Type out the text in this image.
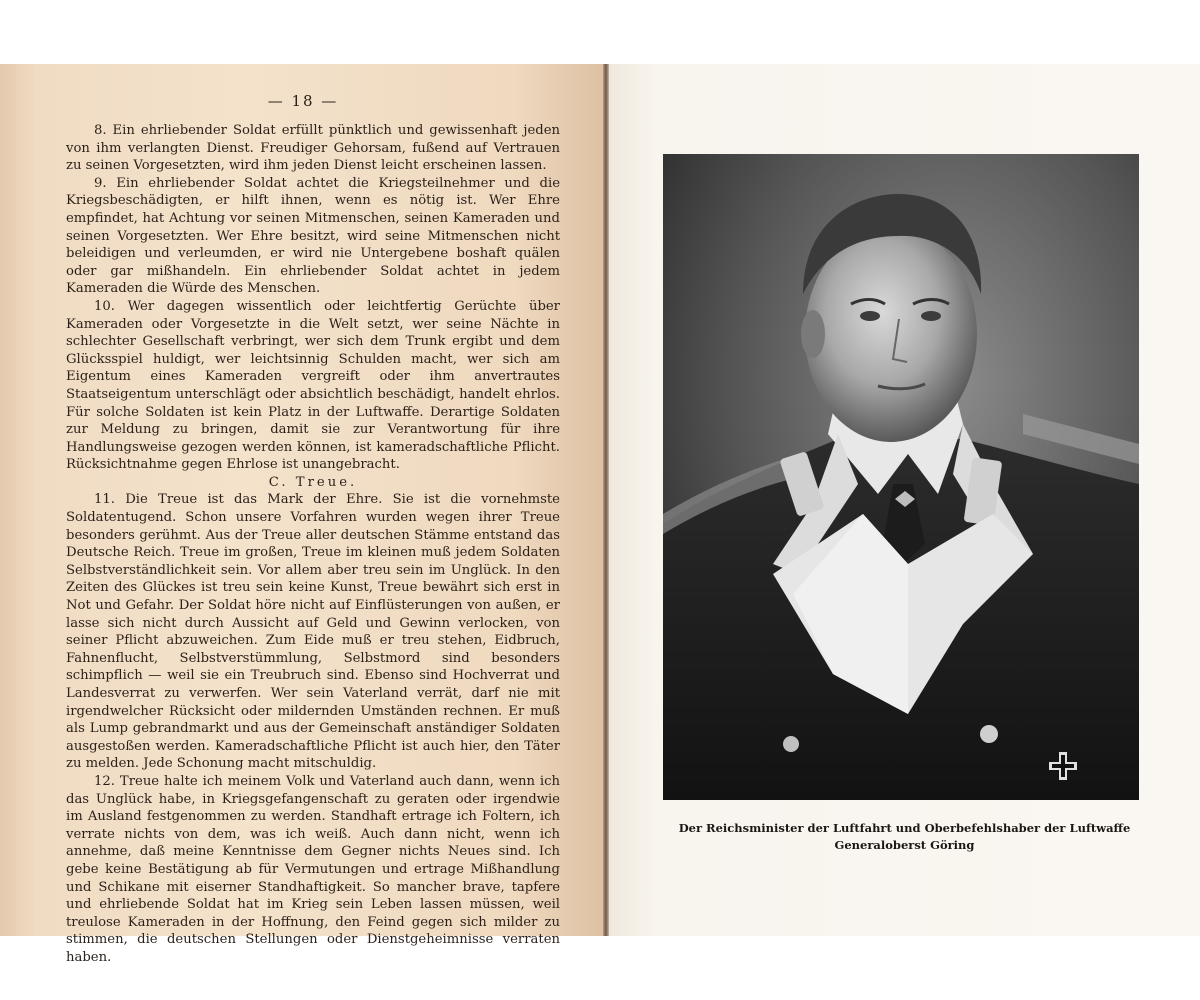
— 18 —

8. Ein ehrliebender Soldat erfüllt pünktlich und gewissenhaft jeden von ihm verlangten Dienst. Freudiger Gehorsam, fußend auf Vertrauen zu seinen Vorgesetzten, wird ihm jeden Dienst leicht erscheinen lassen.

9. Ein ehrliebender Soldat achtet die Kriegsteilnehmer und die Kriegsbeschädigten, er hilft ihnen, wenn es nötig ist. Wer Ehre empfindet, hat Achtung vor seinen Mitmenschen, seinen Kameraden und seinen Vorgesetzten. Wer Ehre besitzt, wird seine Mitmenschen nicht beleidigen und verleumden, er wird nie Untergebene boshaft quälen oder gar mißhandeln. Ein ehrliebender Soldat achtet in jedem Kameraden die Würde des Menschen.

10. Wer dagegen wissentlich oder leichtfertig Gerüchte über Kameraden oder Vorgesetzte in die Welt setzt, wer seine Nächte in schlechter Gesellschaft verbringt, wer sich dem Trunk ergibt und dem Glücksspiel huldigt, wer leichtsinnig Schulden macht, wer sich am Eigentum eines Kameraden vergreift oder ihm anvertrautes Staatseigentum unterschlägt oder absichtlich beschädigt, handelt ehrlos. Für solche Soldaten ist kein Platz in der Luftwaffe. Derartige Soldaten zur Meldung zu bringen, damit sie zur Verantwortung für ihre Handlungsweise gezogen werden können, ist kameradschaftliche Pflicht. Rücksichtnahme gegen Ehrlose ist unangebracht.

C. Treue.

11. Die Treue ist das Mark der Ehre. Sie ist die vornehmste Soldatentugend. Schon unsere Vorfahren wurden wegen ihrer Treue besonders gerühmt. Aus der Treue aller deutschen Stämme entstand das Deutsche Reich. Treue im großen, Treue im kleinen muß jedem Soldaten Selbstverständlichkeit sein. Vor allem aber treu sein im Unglück. In den Zeiten des Glückes ist treu sein keine Kunst, Treue bewährt sich erst in Not und Gefahr. Der Soldat höre nicht auf Einflüsterungen von außen, er lasse sich nicht durch Aussicht auf Geld und Gewinn verlocken, von seiner Pflicht abzuweichen. Zum Eide muß er treu stehen, Eidbruch, Fahnenflucht, Selbstverstümmlung, Selbstmord sind besonders schimpflich — weil sie ein Treubruch sind. Ebenso sind Hochverrat und Landesverrat zu verwerfen. Wer sein Vaterland verrät, darf nie mit irgendwelcher Rücksicht oder mildernden Umständen rechnen. Er muß als Lump gebrandmarkt und aus der Gemeinschaft anständiger Soldaten ausgestoßen werden. Kameradschaftliche Pflicht ist auch hier, den Täter zu melden. Jede Schonung macht mitschuldig.

12. Treue halte ich meinem Volk und Vaterland auch dann, wenn ich das Unglück habe, in Kriegsgefangenschaft zu geraten oder irgendwie im Ausland festgenommen zu werden. Standhaft ertrage ich Foltern, ich verrate nichts von dem, was ich weiß. Auch dann nicht, wenn ich annehme, daß meine Kenntnisse dem Gegner nichts Neues sind. Ich gebe keine Bestätigung ab für Vermutungen und ertrage Mißhandlung und Schikane mit eiserner Standhaftigkeit. So mancher brave, tapfere und ehrliebende Soldat hat im Krieg sein Leben lassen müssen, weil treulose Kameraden in der Hoffnung, den Feind gegen sich milder zu stimmen, die deutschen Stellungen oder Dienstgeheimnisse verraten haben.

Der Reichsminister der Luftfahrt und Oberbefehlshaber der Luftwaffe
Generaloberst Göring
